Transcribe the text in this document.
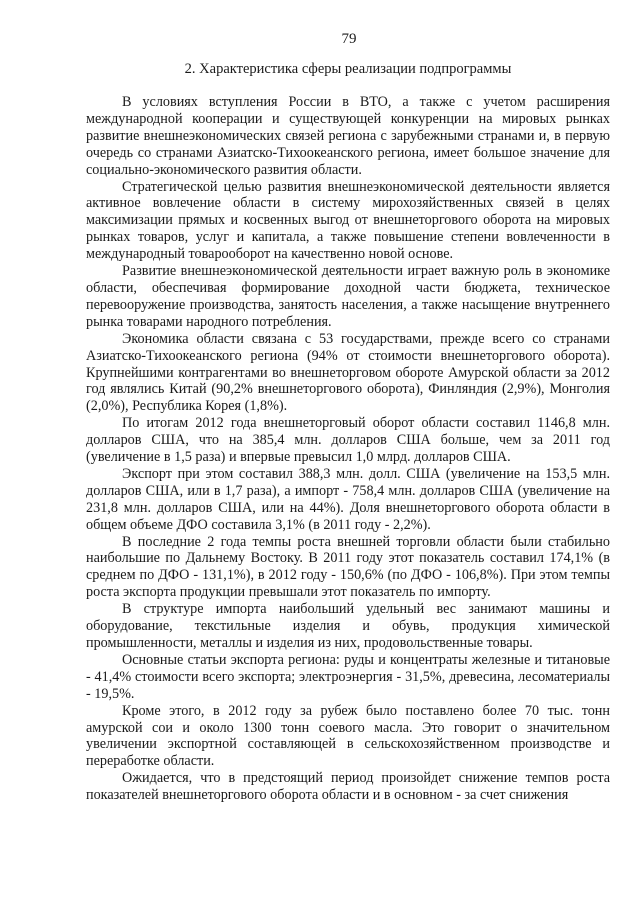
79
2. Характеристика сферы реализации подпрограммы

В условиях вступления России в ВТО, а также с учетом расширения международной кооперации и существующей конкуренции на мировых рынках развитие внешнеэкономических связей региона с зарубежными странами и, в первую очередь со странами Азиатско-Тихоокеанского региона, имеет большое значение для социально-экономического развития области.

Стратегической целью развития внешнеэкономической деятельности является активное вовлечение области в систему мирохозяйственных связей в целях максимизации прямых и косвенных выгод от внешнеторгового оборота на мировых рынках товаров, услуг и капитала, а также повышение степени вовлеченности в международный товарооборот на качественно новой основе.

Развитие внешнеэкономической деятельности играет важную роль в экономике области, обеспечивая формирование доходной части бюджета, техническое перевооружение производства, занятость населения, а также насыщение внутреннего рынка товарами народного потребления.

Экономика области связана с 53 государствами, прежде всего со странами Азиатско-Тихоокеанского региона (94% от стоимости внешнеторгового оборота). Крупнейшими контрагентами во внешнеторговом обороте Амурской области за 2012 год являлись Китай (90,2% внешнеторгового оборота), Финляндия (2,9%), Монголия (2,0%), Республика Корея (1,8%).

По итогам 2012 года внешнеторговый оборот области составил 1146,8 млн. долларов США, что на 385,4 млн. долларов США больше, чем за 2011 год (увеличение в 1,5 раза) и впервые превысил 1,0 млрд. долларов США.

Экспорт при этом составил 388,3 млн. долл. США (увеличение на 153,5 млн. долларов США, или в 1,7 раза), а импорт - 758,4 млн. долларов США (увеличение на 231,8 млн. долларов США, или на 44%). Доля внешнеторгового оборота области в общем объеме ДФО составила 3,1% (в 2011 году - 2,2%).

В последние 2 года темпы роста внешней торговли области были стабильно наибольшие по Дальнему Востоку. В 2011 году этот показатель составил 174,1% (в среднем по ДФО - 131,1%), в 2012 году - 150,6% (по ДФО - 106,8%). При этом темпы роста экспорта продукции превышали этот показатель по импорту.

В структуре импорта наибольший удельный вес занимают машины и оборудование, текстильные изделия и обувь, продукция химической промышленности, металлы и изделия из них, продовольственные товары.

Основные статьи экспорта региона: руды и концентраты железные и титановые - 41,4% стоимости всего экспорта; электроэнергия - 31,5%, древесина, лесоматериалы - 19,5%.

Кроме этого, в 2012 году за рубеж было поставлено более 70 тыс. тонн амурской сои и около 1300 тонн соевого масла. Это говорит о значительном увеличении экспортной составляющей в сельскохозяйственном производстве и переработке области.

Ожидается, что в предстоящий период произойдет снижение темпов роста показателей внешнеторгового оборота области и в основном - за счет снижения
